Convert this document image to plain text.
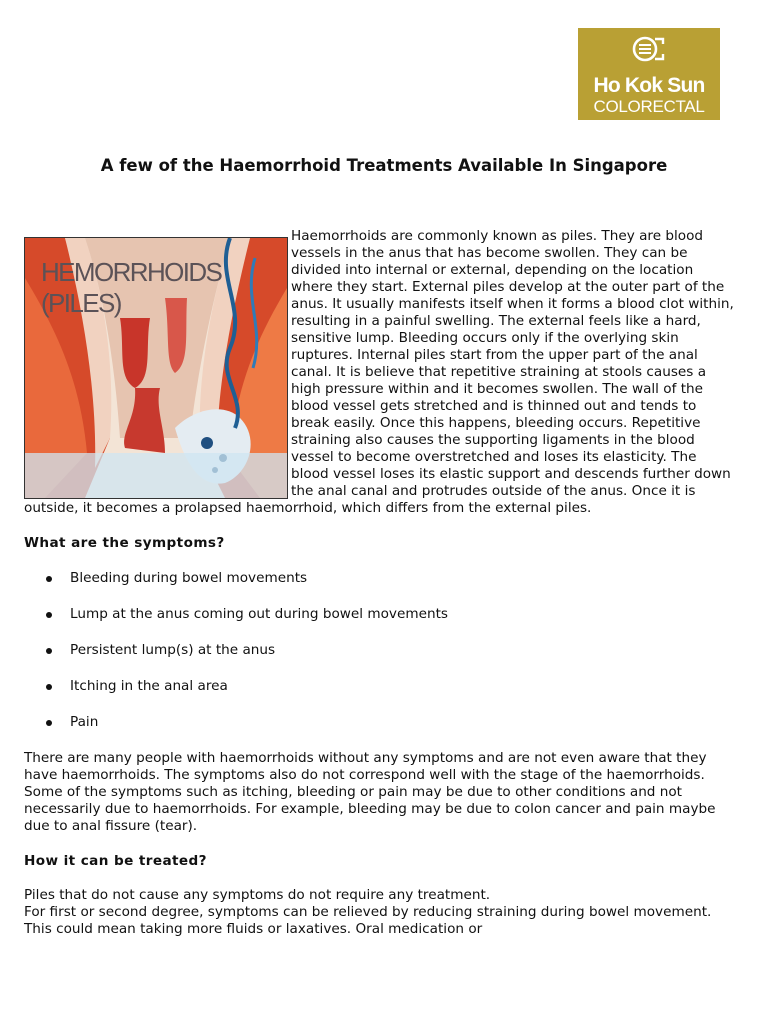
Ho Kok Sun
COLORECTAL
A few of the Haemorrhoid Treatments Available In Singapore
HEMORRHOIDS
(PILES)

Haemorrhoids are commonly known as piles. They are blood vessels in the anus that has become swollen. They can be divided into internal or external, depending on the location where they start. External piles develop at the outer part of the anus. It usually manifests itself when it forms a blood clot within, resulting in a painful swelling. The external feels like a hard, sensitive lump. Bleeding occurs only if the overlying skin ruptures. Internal piles start from the upper part of the anal canal. It is believe that repetitive straining at stools causes a high pressure within and it becomes swollen. The wall of the blood vessel gets stretched and is thinned out and tends to break easily. Once this happens, bleeding occurs. Repetitive straining also causes the supporting ligaments in the blood vessel to become overstretched and loses its elasticity. The blood vessel loses its elastic support and descends further down the anal canal and protrudes outside of the anus. Once it is outside, it becomes a prolapsed haemorrhoid, which differs from the external piles.

What are the symptoms?
Bleeding during bowel movements
Lump at the anus coming out during bowel movements
Persistent lump(s) at the anus
Itching in the anal area
Pain

There are many people with haemorrhoids without any symptoms and are not even aware that they have haemorrhoids. The symptoms also do not correspond well with the stage of the haemorrhoids. Some of the symptoms such as itching, bleeding or pain may be due to other conditions and not necessarily due to haemorrhoids. For example, bleeding may be due to colon cancer and pain maybe due to anal fissure (tear).

How it can be treated?

Piles that do not cause any symptoms do not require any treatment.

For first or second degree, symptoms can be relieved by reducing straining during bowel movement. This could mean taking more fluids or laxatives. Oral medication or
